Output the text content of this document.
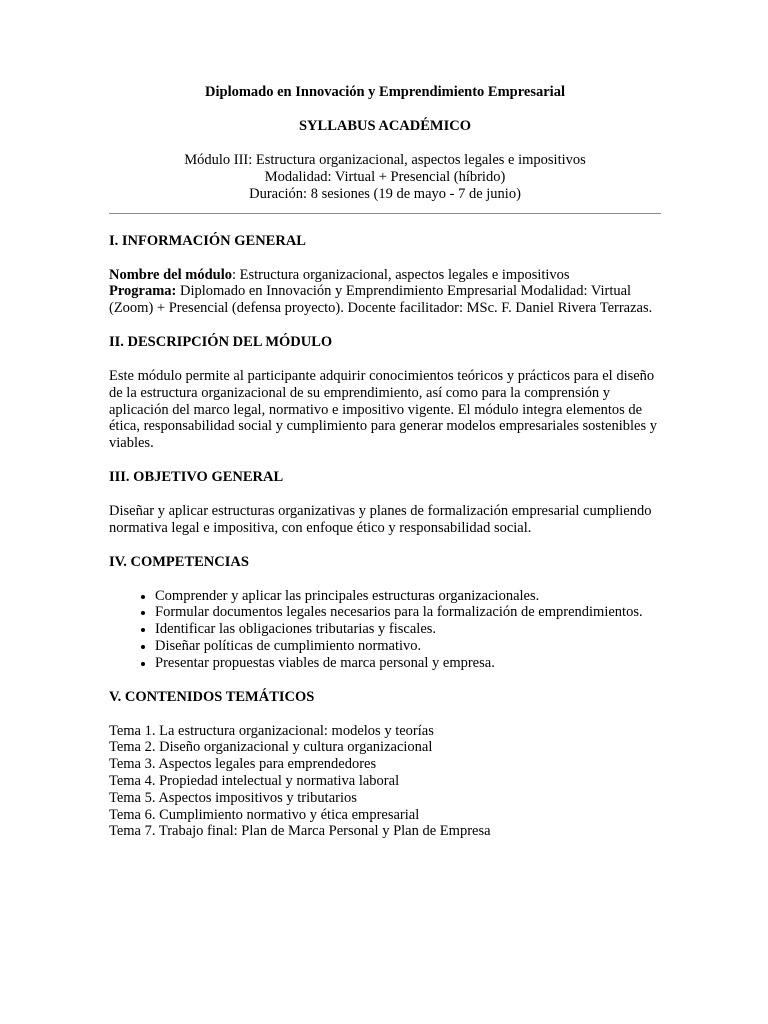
Diplomado en Innovación y Emprendimiento Empresarial
SYLLABUS ACADÉMICO
Módulo III: Estructura organizacional, aspectos legales e impositivos
Modalidad: Virtual + Presencial (híbrido)
Duración: 8 sesiones (19 de mayo - 7 de junio)
I. INFORMACIÓN GENERAL

Nombre del módulo: Estructura organizacional, aspectos legales e impositivos
Programa: Diplomado en Innovación y Emprendimiento Empresarial Modalidad: Virtual (Zoom) + Presencial (defensa proyecto). Docente facilitador: MSc. F. Daniel Rivera Terrazas.

II. DESCRIPCIÓN DEL MÓDULO

Este módulo permite al participante adquirir conocimientos teóricos y prácticos para el diseño de la estructura organizacional de su emprendimiento, así como para la comprensión y aplicación del marco legal, normativo e impositivo vigente. El módulo integra elementos de ética, responsabilidad social y cumplimiento para generar modelos empresariales sostenibles y viables.

III. OBJETIVO GENERAL

Diseñar y aplicar estructuras organizativas y planes de formalización empresarial cumpliendo normativa legal e impositiva, con enfoque ético y responsabilidad social.

IV. COMPETENCIAS
• Comprender y aplicar las principales estructuras organizacionales.
• Formular documentos legales necesarios para la formalización de emprendimientos.
• Identificar las obligaciones tributarias y fiscales.
• Diseñar políticas de cumplimiento normativo.
• Presentar propuestas viables de marca personal y empresa.
V. CONTENIDOS TEMÁTICOS
Tema 1. La estructura organizacional: modelos y teorías
Tema 2. Diseño organizacional y cultura organizacional
Tema 3. Aspectos legales para emprendedores
Tema 4. Propiedad intelectual y normativa laboral
Tema 5. Aspectos impositivos y tributarios
Tema 6. Cumplimiento normativo y ética empresarial
Tema 7. Trabajo final: Plan de Marca Personal y Plan de Empresa
